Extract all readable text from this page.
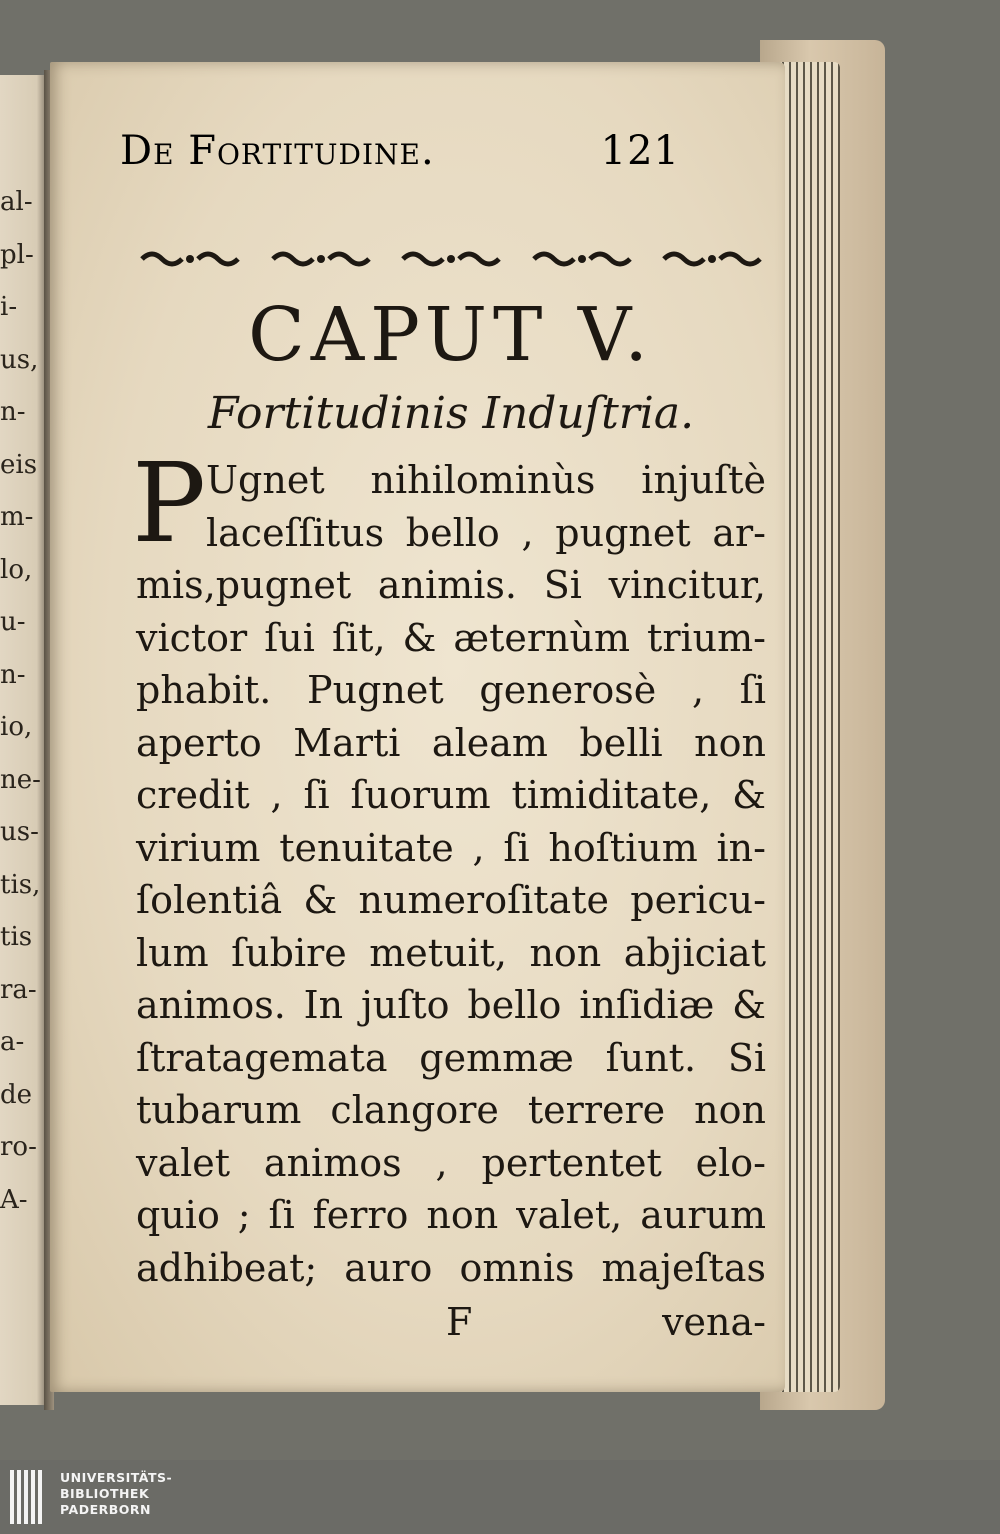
al-
pl-
i-
us,
n-
eis
m-
lo,
u-
n-
io,
ne-
us-
tis,
tis
ra-
a-
de
ro-
A-
De Fortitudine.	121
CAPUT V.
Fortitudinis Induſtria.
P Ugnet nihilominùs injuſtè
laceſſitus bello , pugnet ar-
mis,pugnet animis. Si vincitur,
victor ſui ſit, & æternùm trium-
phabit. Pugnet generosè , ſi
aperto Marti aleam belli non
credit , ſi ſuorum timiditate, &
virium tenuitate , ſi hoſtium in-
ſolentiâ & numeroſitate pericu-
lum ſubire metuit, non abjiciat
animos. In juſto bello inſidiæ &
ſtratagemata gemmæ ſunt. Si
tubarum clangore terrere non
valet animos , pertentet elo-
quio ; ſi ferro non valet, aurum
adhibeat; auro omnis majeſtas
F	vena-
UNIVERSITÄTS-
BIBLIOTHEK
PADERBORN
